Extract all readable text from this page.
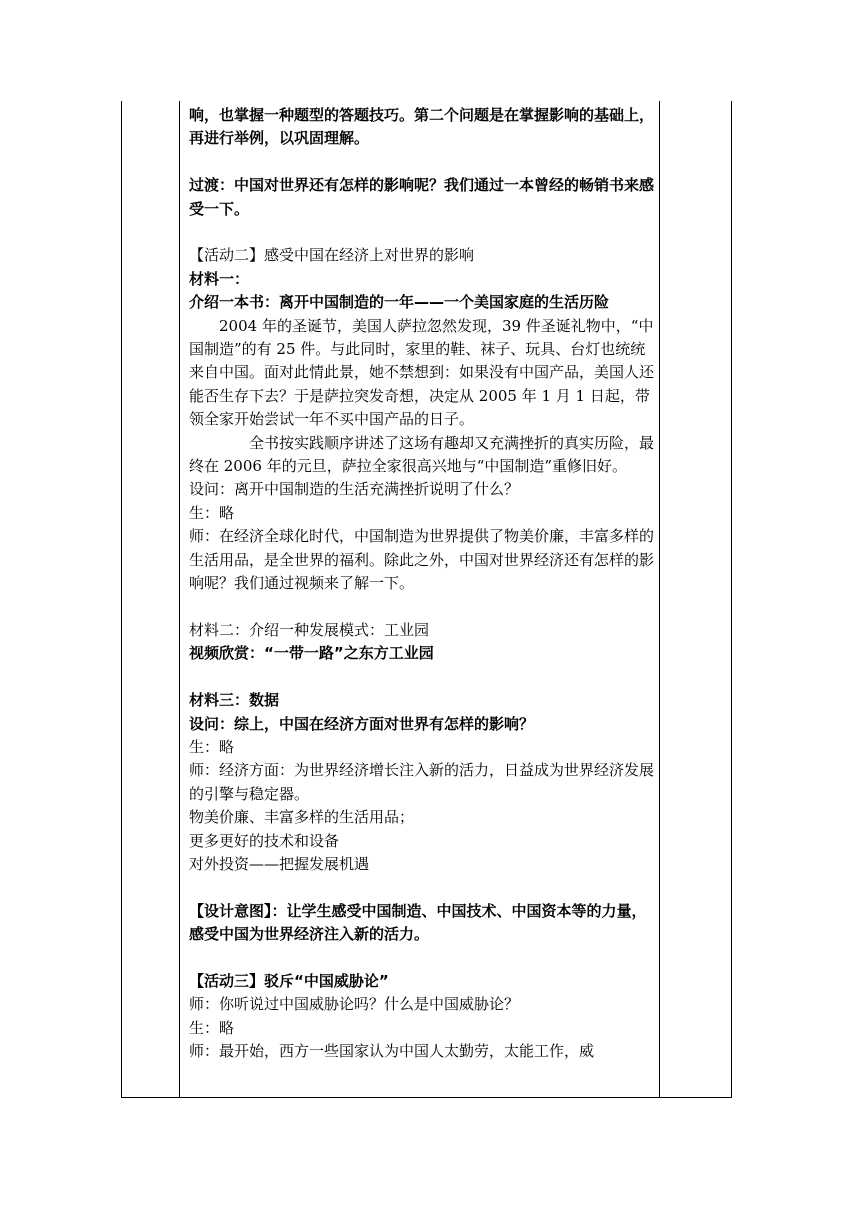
响，也掌握一种题型的答题技巧。第二个问题是在掌握影响的基础上，再进行举例，以巩固理解。

过渡：中国对世界还有怎样的影响呢？我们通过一本曾经的畅销书来感受一下。

【活动二】感受中国在经济上对世界的影响

材料一：

介绍一本书：离开中国制造的一年——一个美国家庭的生活历险

2004 年的圣诞节，美国人萨拉忽然发现，39 件圣诞礼物中，“中国制造”的有 25 件。与此同时，家里的鞋、袜子、玩具、台灯也统统来自中国。面对此情此景，她不禁想到：如果没有中国产品，美国人还能否生存下去？于是萨拉突发奇想，决定从 2005 年 1 月 1 日起，带领全家开始尝试一年不买中国产品的日子。

全书按实践顺序讲述了这场有趣却又充满挫折的真实历险，最终在 2006 年的元旦，萨拉全家很高兴地与“中国制造”重修旧好。

设问：离开中国制造的生活充满挫折说明了什么？

生：略

师：在经济全球化时代，中国制造为世界提供了物美价廉，丰富多样的生活用品，是全世界的福利。除此之外，中国对世界经济还有怎样的影响呢？我们通过视频来了解一下。

材料二：介绍一种发展模式：工业园

视频欣赏：“一带一路”之东方工业园

材料三：数据

设问：综上，中国在经济方面对世界有怎样的影响？

生：略

师：经济方面：为世界经济增长注入新的活力，日益成为世界经济发展的引擎与稳定器。

物美价廉、丰富多样的生活用品；

更多更好的技术和设备

对外投资——把握发展机遇

【设计意图】：让学生感受中国制造、中国技术、中国资本等的力量，感受中国为世界经济注入新的活力。

【活动三】驳斥“中国威胁论”

师：你听说过中国威胁论吗？什么是中国威胁论？

生：略

师：最开始，西方一些国家认为中国人太勤劳，太能工作，威
